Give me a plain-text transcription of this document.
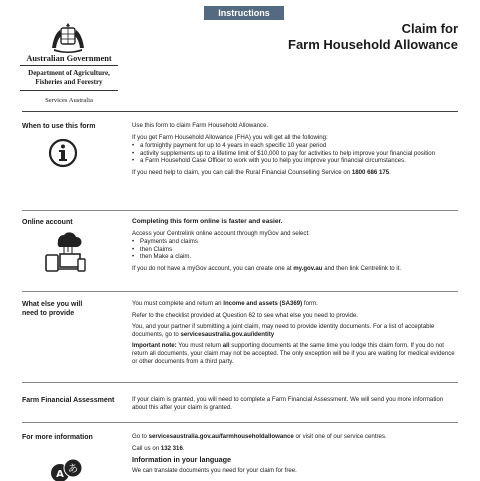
Instructions
Australian Government
Department of Agriculture,
Fisheries and Forestry
Services Australia
Claim for
Farm Household Allowance
When to use this form	Use this form to claim Farm Household Allowance.

If you get Farm Household Allowance (FHA) you will get all the following:

• a fortnightly payment for up to 4 years in each specific 10 year period
• activity supplements up to a lifetime limit of $10,000 to pay for activities to help improve your financial position
• a Farm Household Case Officer to work with you to help you improve your financial circumstances.

If you need help to claim, you can call the Rural Financial Counselling Service on 1800 686 175.

Online account	Completing this form online is faster and easier.

Access your Centrelink online account through myGov and select:

• Payments and claims
• then Claims
• then Make a claim.

If you do not have a myGov account, you can create one at my.gov.au and then link Centrelink to it.

What else you will
need to provide

You must complete and return an Income and assets (SA369) form.

Refer to the checklist provided at Question 62 to see what else you need to provide.

You, and your partner if submitting a joint claim, may need to provide identity documents. For a list of acceptable documents, go to servicesaustralia.gov.au/identity

Important note: You must return all supporting documents at the same time you lodge this claim form. If you do not return all documents, your claim may not be accepted. The only exception will be if you are waiting for medical evidence or other documents from a third party.

Farm Financial Assessment	If your claim is granted, you will need to complete a Farm Financial Assessment. We will send you more information about this after your claim is granted.

For more information
A あ

Go to servicesaustralia.gov.au/farmhouseholdallowance or visit one of our service centres.

Call us on 132 316.

Information in your language

We can translate documents you need for your claim for free.
